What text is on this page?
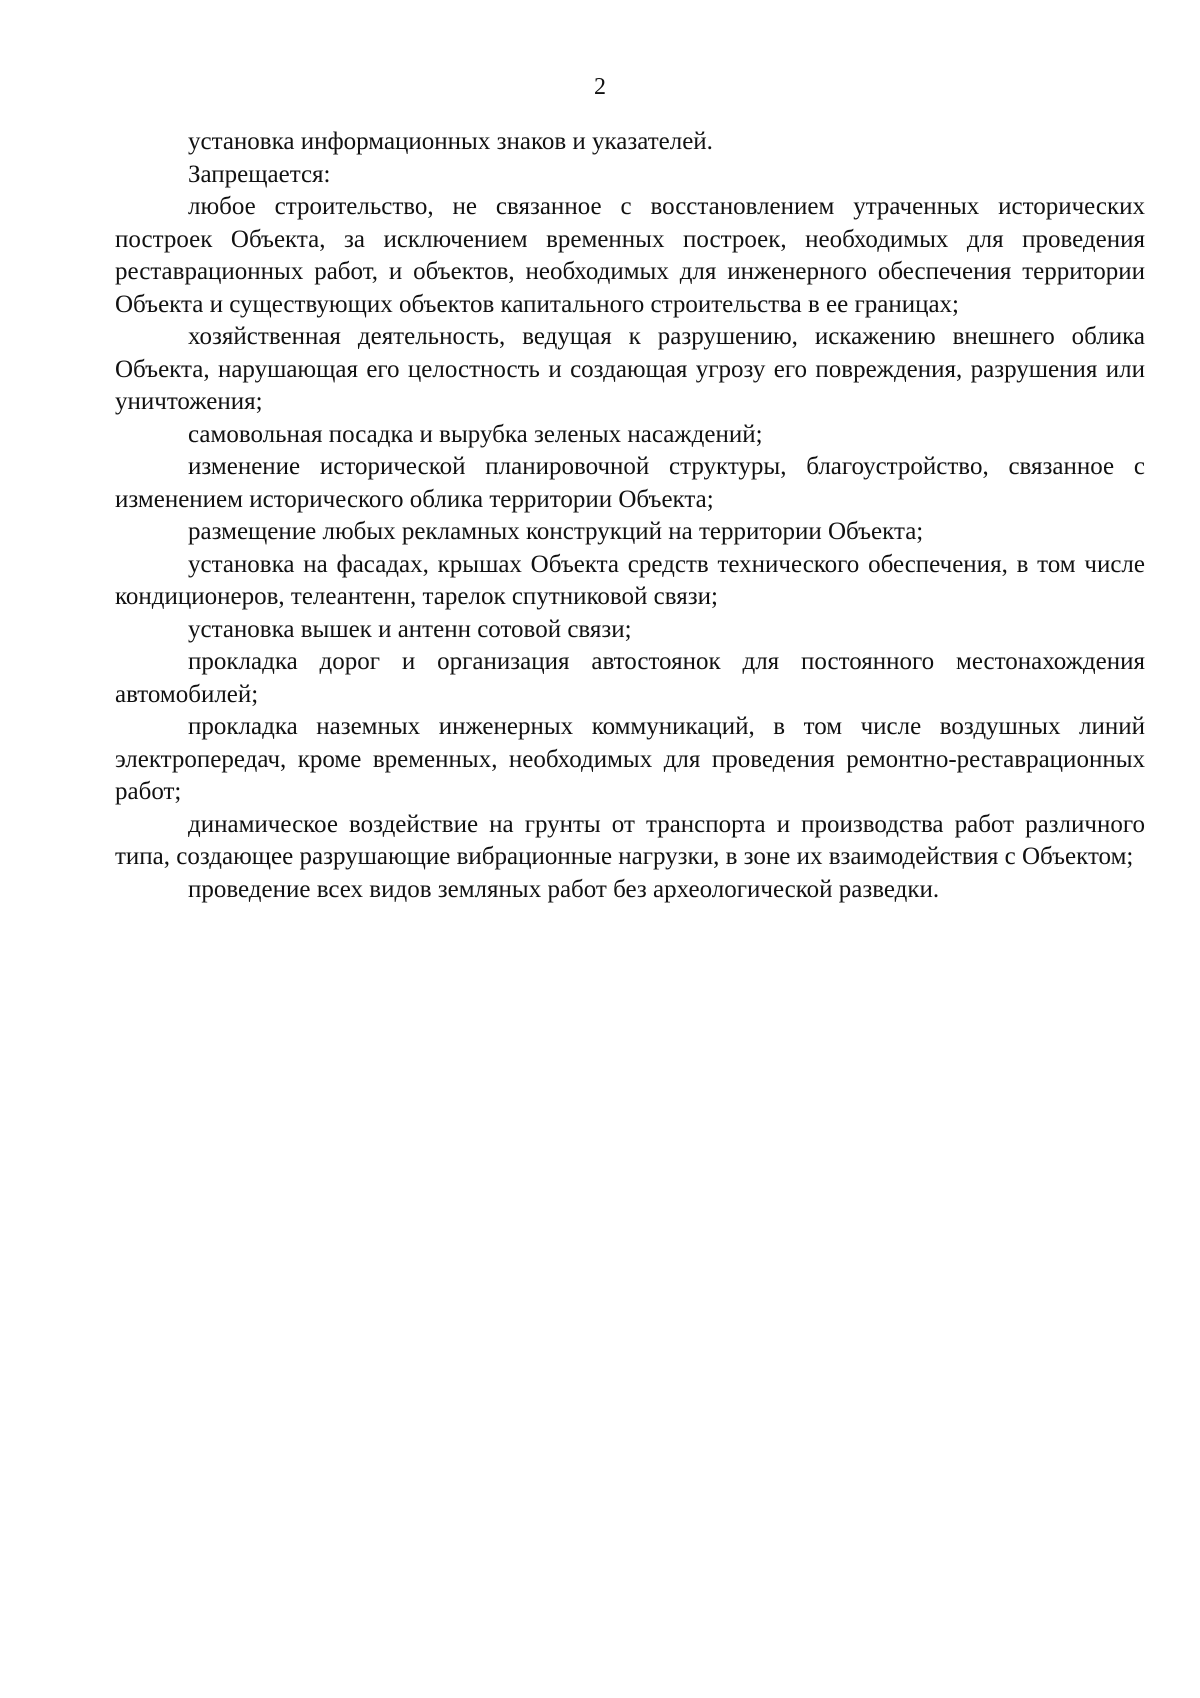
2

установка информационных знаков и указателей.

Запрещается:

любое строительство, не связанное с восстановлением утраченных исторических построек Объекта, за исключением временных построек, необходимых для проведения реставрационных работ, и объектов, необходимых для инженерного обеспечения территории Объекта и существующих объектов капитального строительства в ее границах;

хозяйственная деятельность, ведущая к разрушению, искажению внешнего облика Объекта, нарушающая его целостность и создающая угрозу его повреждения, разрушения или уничтожения;

самовольная посадка и вырубка зеленых насаждений;

изменение исторической планировочной структуры, благоустройство, связанное с изменением исторического облика территории Объекта;

размещение любых рекламных конструкций на территории Объекта;

установка на фасадах, крышах Объекта средств технического обеспечения, в том числе кондиционеров, телеантенн, тарелок спутниковой связи;

установка вышек и антенн сотовой связи;

прокладка дорог и организация автостоянок для постоянного местонахождения автомобилей;

прокладка наземных инженерных коммуникаций, в том числе воздушных линий электропередач, кроме временных, необходимых для проведения ремонтно-реставрационных работ;

динамическое воздействие на грунты от транспорта и производства работ различного типа, создающее разрушающие вибрационные нагрузки, в зоне их взаимодействия с Объектом;

проведение всех видов земляных работ без археологической разведки.
